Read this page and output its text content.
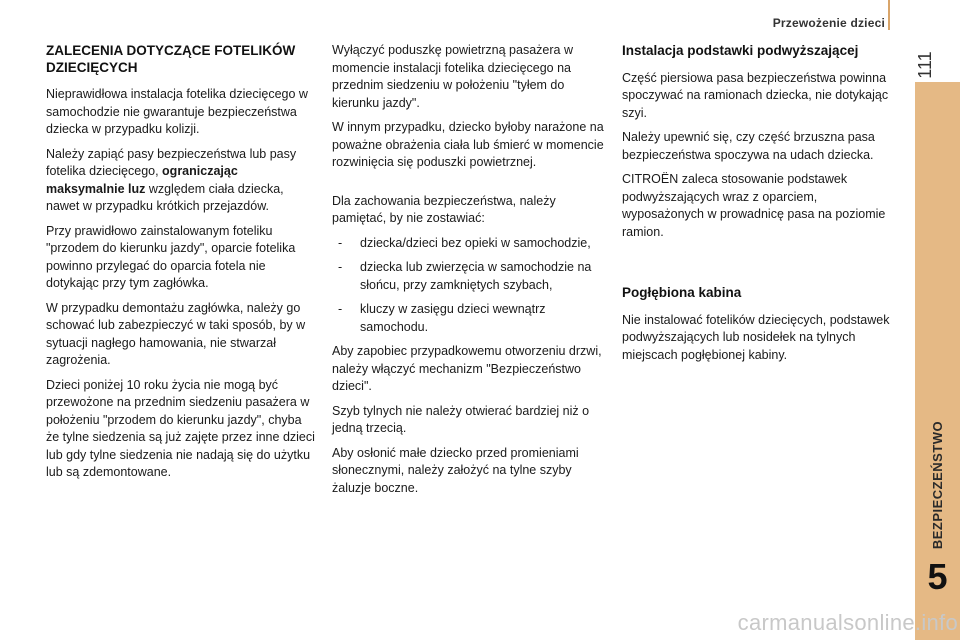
Przewożenie dzieci
111
BEZPIECZEŃSTWO
5
ZALECENIA DOTYCZĄCE FOTELIKÓW DZIECIĘCYCH

Nieprawidłowa instalacja fotelika dziecięcego w samochodzie nie gwarantuje bezpieczeństwa dziecka w przypadku kolizji.

Należy zapiąć pasy bezpieczeństwa lub pasy fotelika dziecięcego, ograniczając maksymalnie luz względem ciała dziecka, nawet w przypadku krótkich przejazdów.

Przy prawidłowo zainstalowanym foteliku "przodem do kierunku jazdy", oparcie fotelika powinno przylegać do oparcia fotela nie dotykając przy tym zagłówka.

W przypadku demontażu zagłówka, należy go schować lub zabezpieczyć w taki sposób, by w sytuacji nagłego hamowania, nie stwarzał zagrożenia.

Dzieci poniżej 10 roku życia nie mogą być przewożone na przednim siedzeniu pasażera w położeniu "przodem do kierunku jazdy", chyba że tylne siedzenia są już zajęte przez inne dzieci lub gdy tylne siedzenia nie nadają się do użytku lub są zdemontowane.

Wyłączyć poduszkę powietrzną pasażera w momencie instalacji fotelika dziecięcego na przednim siedzeniu w położeniu "tyłem do kierunku jazdy".

W innym przypadku, dziecko byłoby narażone na poważne obrażenia ciała lub śmierć w momencie rozwinięcia się poduszki powietrznej.

Dla zachowania bezpieczeństwa, należy pamiętać, by nie zostawiać:

- dziecka/dzieci bez opieki w samochodzie,
- dziecka lub zwierzęcia w samochodzie na słońcu, przy zamkniętych szybach,
- kluczy w zasięgu dzieci wewnątrz samochodu.

Aby zapobiec przypadkowemu otworzeniu drzwi, należy włączyć mechanizm "Bezpieczeństwo dzieci".

Szyb tylnych nie należy otwierać bardziej niż o jedną trzecią.

Aby osłonić małe dziecko przed promieniami słonecznymi, należy założyć na tylne szyby żaluzje boczne.

Instalacja podstawki podwyższającej

Część piersiowa pasa bezpieczeństwa powinna spoczywać na ramionach dziecka, nie dotykając szyi.

Należy upewnić się, czy część brzuszna pasa bezpieczeństwa spoczywa na udach dziecka.

CITROËN zaleca stosowanie podstawek podwyższających wraz z oparciem, wyposażonych w prowadnicę pasa na poziomie ramion.

Pogłębiona kabina

Nie instalować fotelików dziecięcych, podstawek podwyższających lub nosidełek na tylnych miejscach pogłębionej kabiny.

carmanualsonline.info
